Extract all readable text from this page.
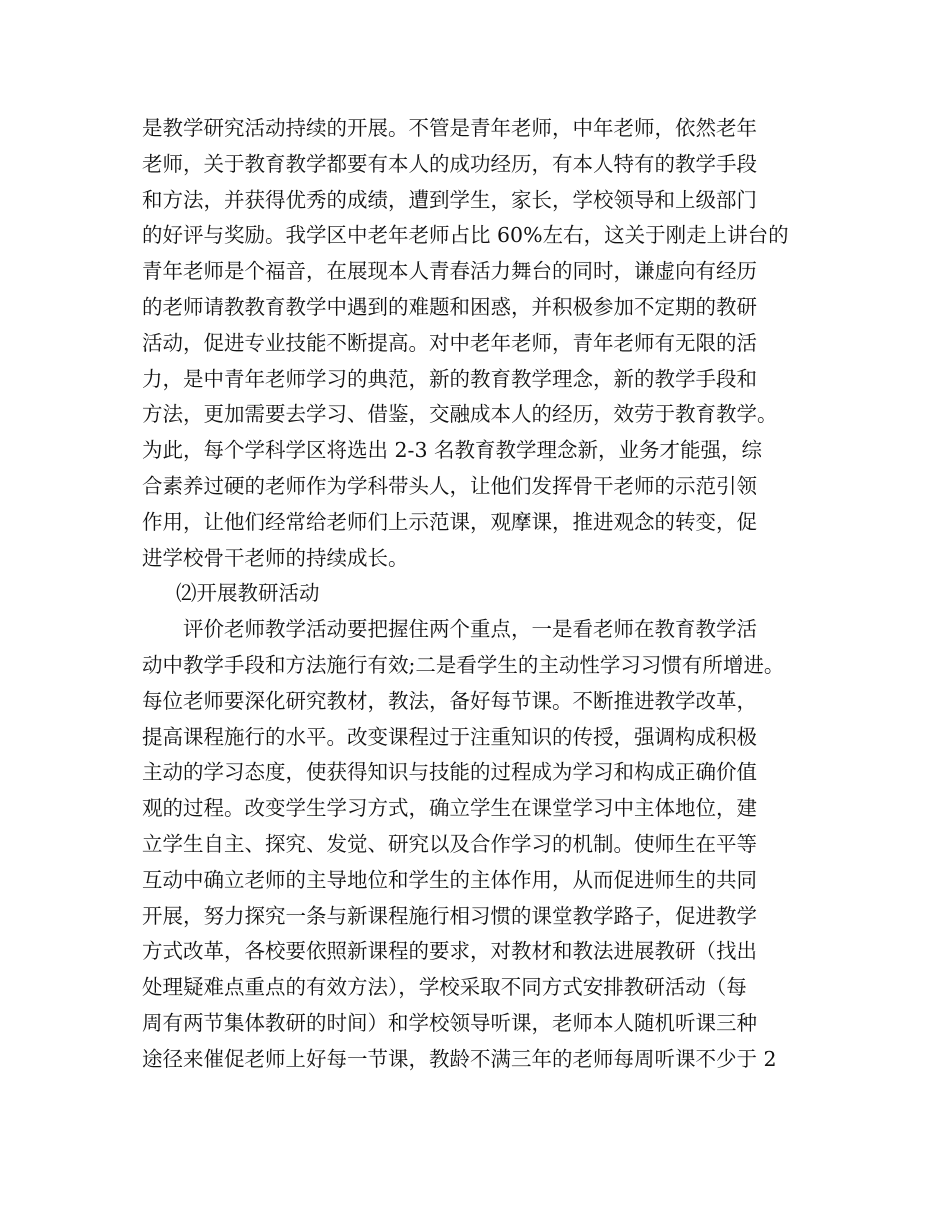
是教学研究活动持续的开展。不管是青年老师，中年老师，依然老年
老师，关于教育教学都要有本人的成功经历，有本人特有的教学手段
和方法，并获得优秀的成绩，遭到学生，家长，学校领导和上级部门
的好评与奖励。我学区中老年老师占比 60%左右，这关于刚走上讲台的
青年老师是个福音，在展现本人青春活力舞台的同时，谦虚向有经历
的老师请教教育教学中遇到的难题和困惑，并积极参加不定期的教研
活动，促进专业技能不断提高。对中老年老师，青年老师有无限的活
力，是中青年老师学习的典范，新的教育教学理念，新的教学手段和
方法，更加需要去学习、借鉴，交融成本人的经历，效劳于教育教学。
为此，每个学科学区将选出 2-3 名教育教学理念新，业务才能强，综
合素养过硬的老师作为学科带头人，让他们发挥骨干老师的示范引领
作用，让他们经常给老师们上示范课，观摩课，推进观念的转变，促
进学校骨干老师的持续成长。
⑵开展教研活动
评价老师教学活动要把握住两个重点，一是看老师在教育教学活
动中教学手段和方法施行有效;二是看学生的主动性学习习惯有所增进。
每位老师要深化研究教材，教法，备好每节课。不断推进教学改革，
提高课程施行的水平。改变课程过于注重知识的传授，强调构成积极
主动的学习态度，使获得知识与技能的过程成为学习和构成正确价值
观的过程。改变学生学习方式，确立学生在课堂学习中主体地位，建
立学生自主、探究、发觉、研究以及合作学习的机制。使师生在平等
互动中确立老师的主导地位和学生的主体作用，从而促进师生的共同
开展，努力探究一条与新课程施行相习惯的课堂教学路子，促进教学
方式改革，各校要依照新课程的要求，对教材和教法进展教研（找出
处理疑难点重点的有效方法），学校采取不同方式安排教研活动（每
周有两节集体教研的时间）和学校领导听课，老师本人随机听课三种
途径来催促老师上好每一节课，教龄不满三年的老师每周听课不少于 2
